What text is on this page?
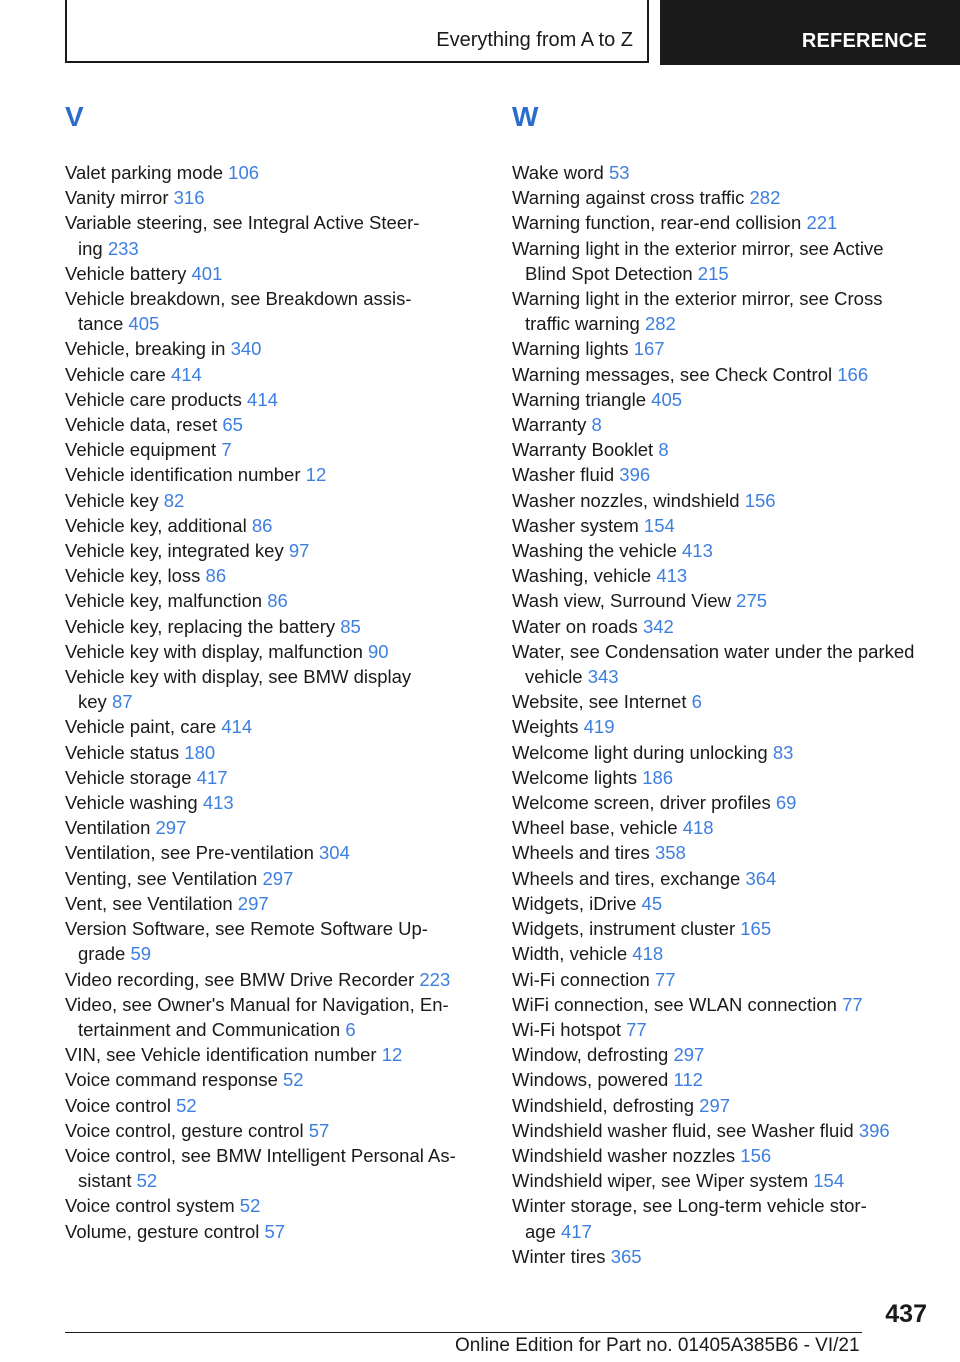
Everything from A to Z	REFERENCE
V
Valet parking mode 106
Vanity mirror 316
Variable steering, see Integral Active Steer-
ing 233
Vehicle battery 401
Vehicle breakdown, see Breakdown assis-
tance 405
Vehicle, breaking in 340
Vehicle care 414
Vehicle care products 414
Vehicle data, reset 65
Vehicle equipment 7
Vehicle identification number 12
Vehicle key 82
Vehicle key, additional 86
Vehicle key, integrated key 97
Vehicle key, loss 86
Vehicle key, malfunction 86
Vehicle key, replacing the battery 85
Vehicle key with display, malfunction 90
Vehicle key with display, see BMW display
key 87
Vehicle paint, care 414
Vehicle status 180
Vehicle storage 417
Vehicle washing 413
Ventilation 297
Ventilation, see Pre-ventilation 304
Venting, see Ventilation 297
Vent, see Ventilation 297
Version Software, see Remote Software Up-
grade 59
Video recording, see BMW Drive Recorder 223
Video, see Owner's Manual for Navigation, En-
tertainment and Communication 6
VIN, see Vehicle identification number 12
Voice command response 52
Voice control 52
Voice control, gesture control 57
Voice control, see BMW Intelligent Personal As-
sistant 52
Voice control system 52
Volume, gesture control 57
W
Wake word 53
Warning against cross traffic 282
Warning function, rear-end collision 221
Warning light in the exterior mirror, see Active
Blind Spot Detection 215
Warning light in the exterior mirror, see Cross
traffic warning 282
Warning lights 167
Warning messages, see Check Control 166
Warning triangle 405
Warranty 8
Warranty Booklet 8
Washer fluid 396
Washer nozzles, windshield 156
Washer system 154
Washing the vehicle 413
Washing, vehicle 413
Wash view, Surround View 275
Water on roads 342
Water, see Condensation water under the parked
vehicle 343
Website, see Internet 6
Weights 419
Welcome light during unlocking 83
Welcome lights 186
Welcome screen, driver profiles 69
Wheel base, vehicle 418
Wheels and tires 358
Wheels and tires, exchange 364
Widgets, iDrive 45
Widgets, instrument cluster 165
Width, vehicle 418
Wi-Fi connection 77
WiFi connection, see WLAN connection 77
Wi-Fi hotspot 77
Window, defrosting 297
Windows, powered 112
Windshield, defrosting 297
Windshield washer fluid, see Washer fluid 396
Windshield washer nozzles 156
Windshield wiper, see Wiper system 154
Winter storage, see Long-term vehicle stor-
age 417
Winter tires 365
437
Online Edition for Part no. 01405A385B6 - VI/21
